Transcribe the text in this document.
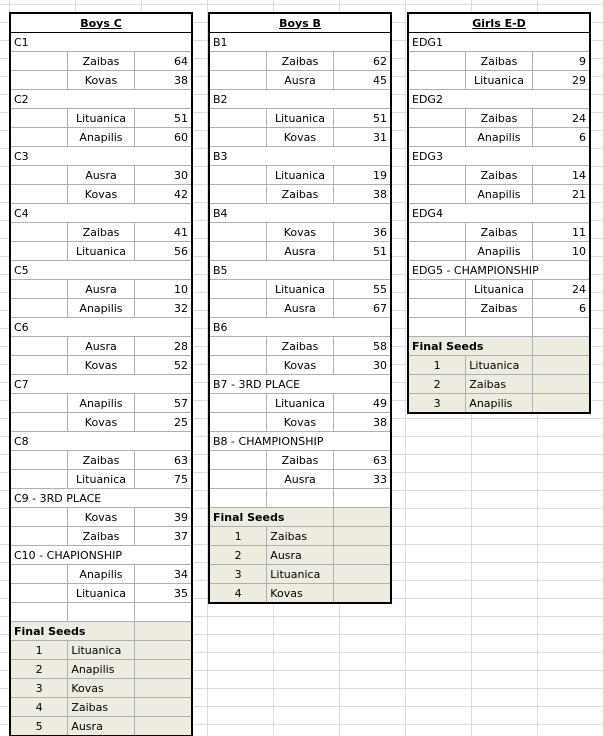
Boys C		
C1		
	Zaibas	64
	Kovas	38
C2		
	Lituanica	51
	Anapilis	60
C3		
	Ausra	30
	Kovas	42
C4		
	Zaibas	41
	Lituanica	56
C5		
	Ausra	10
	Anapilis	32
C6		
	Ausra	28
	Kovas	52
C7		
	Anapilis	57
	Kovas	25
C8		
	Zaibas	63
	Lituanica	75
C9 - 3RD PLACE		
	Kovas	39
	Zaibas	37
C10 - CHAPIONSHIP		
	Anapilis	34
	Lituanica	35

Final Seeds		
1	Lituanica	
2	Anapilis	
3	Kovas	
4	Zaibas	
5	Ausra	
Boys B		
B1		
	Zaibas	62
	Ausra	45
B2		
	Lituanica	51
	Kovas	31
B3		
	Lituanica	19
	Zaibas	38
B4		
	Kovas	36
	Ausra	51
B5		
	Lituanica	55
	Ausra	67
B6		
	Zaibas	58
	Kovas	30
B7 - 3RD PLACE		
	Lituanica	49
	Kovas	38
B8 - CHAMPIONSHIP		
	Zaibas	63
	Ausra	33

Final Seeds		
1	Zaibas	
2	Ausra	
3	Lituanica	
4	Kovas	
Girls E-D		
EDG1		
	Zaibas	9
	Lituanica	29
EDG2		
	Zaibas	24
	Anapilis	6
EDG3		
	Zaibas	14
	Anapilis	21
EDG4		
	Zaibas	11
	Anapilis	10
EDG5 - CHAMPIONSHIP		
	Lituanica	24
	Zaibas	6

Final Seeds		
1	Lituanica	
2	Zaibas	
3	Anapilis	
